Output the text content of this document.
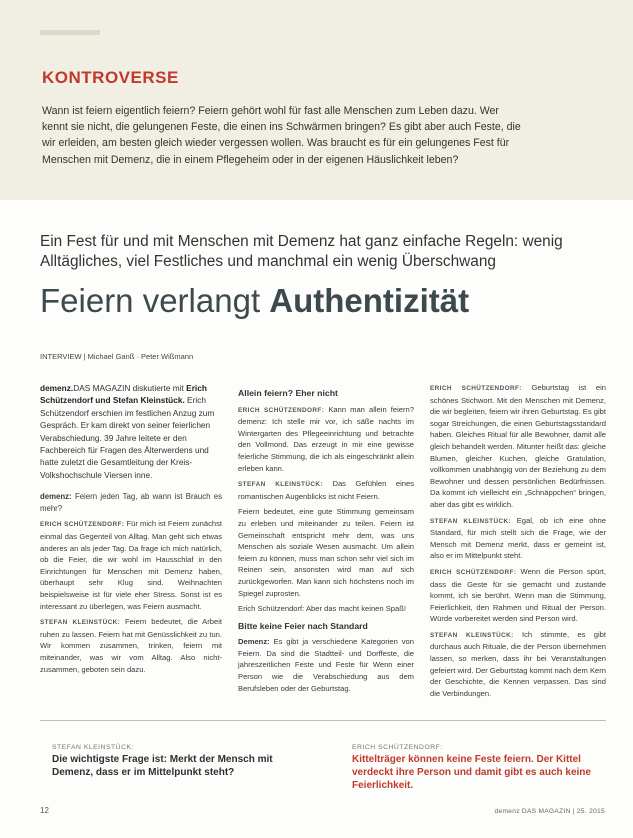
KONTROVERSE
Wann ist feiern eigentlich feiern? Feiern gehört wohl für fast alle Menschen zum Leben dazu. Wer kennt sie nicht, die gelungenen Feste, die einen ins Schwärmen bringen? Es gibt aber auch Feste, die wir erleiden, am besten gleich wieder vergessen wollen. Was braucht es für ein gelungenes Fest für Menschen mit Demenz, die in einem Pflegeheim oder in der eigenen Häuslichkeit leben?
Ein Fest für und mit Menschen mit Demenz hat ganz einfache Regeln: wenig Alltägliches, viel Festliches und manchmal ein wenig Überschwang
Feiern verlangt Authentizität
INTERVIEW | Michael Ganß · Peter Wißmann

demenz.DAS MAGAZIN diskutierte mit Erich Schützendorf und Stefan Kleinstück. Erich Schützendorf erschien im festlichen Anzug zum Gespräch. Er kam direkt von seiner feierlichen Verabschiedung. 39 Jahre leitete er den Fachbereich für Fragen des Älterwerdens und hatte zuletzt die Gesamtleitung der Kreis-Volkshochschule Viersen inne.

demenz: Feiern jeden Tag, ab wann ist Brauch es mehr?

ERICH SCHÜTZENDORF: Für mich ist Feiern zunächst einmal das Gegenteil von Alltag. Man geht sich etwas anderes an als jeder Tag. Da frage ich mich natürlich, ob die Feier, die wir wohl im Hausschlaf in den Einrichtungen für Menschen mit Demenz haben, überhaupt sehr Klug sind. Weihnachten beispielsweise ist für viele eher Stress. Sonst ist es interessant zu überlegen, was Feiern ausmacht.

STEFAN KLEINSTÜCK: Feiern bedeutet, die Arbeit ruhen zu lassen. Feiern hat mit Genüsslichkeit zu tun. Wir kommen zusammen, trinken, feiern mit miteinander, was wir vom Alltag. Also nicht-zusammen, geboten sein dazu.

Allein feiern? Eher nicht

ERICH SCHÜTZENDORF: Kann man allein feiern? demenz: Ich stelle mir vor, ich säße nachts im Wintergarten des Pflegeeinrichtung und betrachte den Vollmond. Das erzeugt in mir eine gewisse feierliche Stimmung, die ich als eingeschränkt allein erleben kann.

STEFAN KLEINSTÜCK: Das Gefühlen eines romantischen Augenblicks ist nicht Feiern.

Feiern bedeutet, eine gute Stimmung gemeinsam zu erleben und miteinander zu teilen. Feiern ist Gemeinschaft entspricht mehr dem, was uns Menschen als soziale Wesen ausmacht. Um allein feiern zu können, muss man schon sehr viel sich im Reinen sein, ansonsten wird man auf sich zurückgeworfen. Man kann sich höchstens noch im Spiegel zuprosten.

Erich Schützendorf: Aber das macht keinen Spaß!

Bitte keine Feier nach Standard

Demenz: Es gibt ja verschiedene Kategorien von Feiern. Da sind die Stadtteil- und Dorffeste, die jahreszeitlichen Feste und Feste für Wenn einer Person wie die Verabschiedung aus dem Berufsleben oder der Geburtstag.

ERICH SCHÜTZENDORF: Geburtstag ist ein schönes Stichwort. Mit den Menschen mit Demenz, die wir begleiten, feiern wir ihren Geburtstag. Es gibt sogar Streichungen, die einen Geburtstagsstandard haben. Gleiches Ritual für alle Bewohner, damit alle gleich behandelt werden. Mitunter heißt das: gleiche Blumen, gleicher Kuchen, gleiche Gratulation, vollkommen unabhängig von der Beziehung zu dem Bewohner und dessen persönlichen Bedürfnissen. Da kommt ich vielleicht ein „Schnäppchen“ bringen, aber das gibt es wirklich.

STEFAN KLEINSTÜCK: Egal, ob ich eine ohne Standard, für mich stellt sich die Frage, wie der Mensch mit Demenz merkt, dass er gemeint ist, also er im Mittelpunkt steht.

ERICH SCHÜTZENDORF: Wenn die Person spürt, dass die Geste für sie gemacht und zustande kommt, ich sie berührt. Wenn man die Stimmung, Feierlichkeit, den Rahmen und Ritual der Person. Würde vorbereitet werden sind Person wird.

STEFAN KLEINSTÜCK: Ich stimmte, es gibt durchaus auch Rituale, die der Person übernehmen lassen, so merken, dass ihr bei Veranstaltungen gefeiert wird. Der Geburtstag kommt nach dem Kern der Geschichte, die Kennen verpassen. Das sind die Verbindungen.

STEFAN KLEINSTÜCK:
Die wichtigste Frage ist: Merkt der Mensch mit Demenz, dass er im Mittelpunkt steht?
ERICH SCHÜTZENDORF:
Kittelträger können keine Feste feiern. Der Kittel verdeckt ihre Person und damit gibt es auch keine Feierlichkeit.
12	demenz DAS MAGAZIN | 25. 2015
